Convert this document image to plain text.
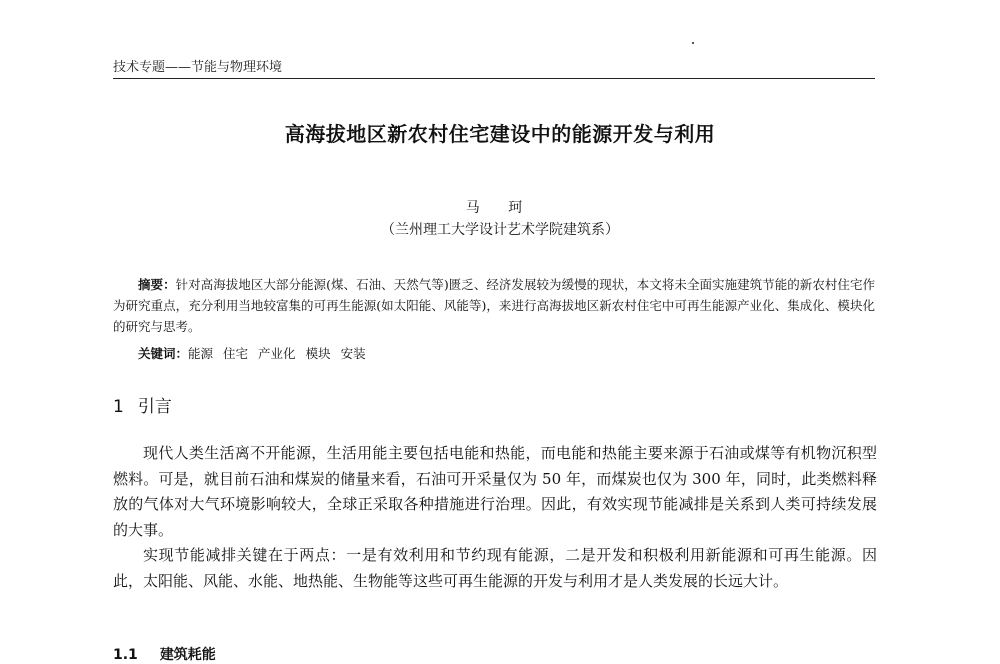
技术专题——节能与物理环境
高海拔地区新农村住宅建设中的能源开发与利用
马 珂
（兰州理工大学设计艺术学院建筑系）
摘要：针对高海拔地区大部分能源(煤、石油、天然气等)匮乏、经济发展较为缓慢的现状，本文将未全面实施建筑节能的新农村住宅作为研究重点，充分利用当地较富集的可再生能源(如太阳能、风能等)，来进行高海拔地区新农村住宅中可再生能源产业化、集成化、模块化的研究与思考。
关键词：能源 住宅 产业化 模块 安装
1 引言
现代人类生活离不开能源，生活用能主要包括电能和热能，而电能和热能主要来源于石油或煤等有机物沉积型燃料。可是，就目前石油和煤炭的储量来看，石油可开采量仅为 50 年，而煤炭也仅为 300 年，同时，此类燃料释放的气体对大气环境影响较大，全球正采取各种措施进行治理。因此，有效实现节能减排是关系到人类可持续发展的大事。
实现节能减排关键在于两点：一是有效利用和节约现有能源，二是开发和积极利用新能源和可再生能源。因此，太阳能、风能、水能、地热能、生物能等这些可再生能源的开发与利用才是人类发展的长远大计。
1.1 建筑耗能
